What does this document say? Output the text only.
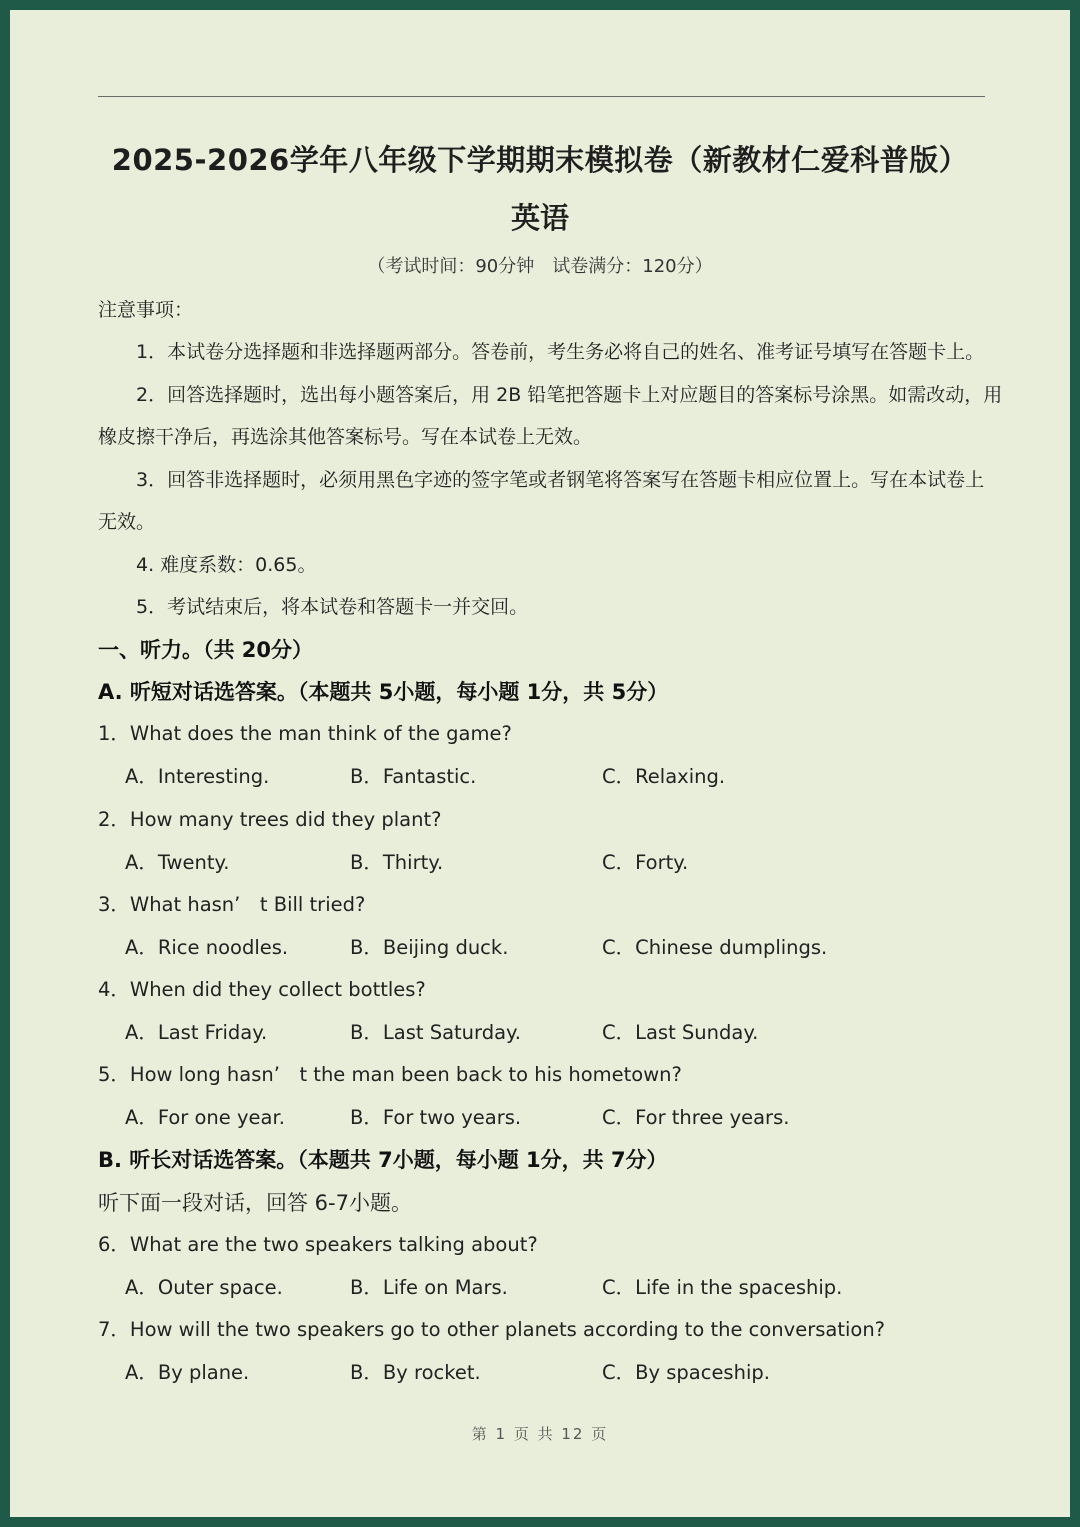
2025-2026学年八年级下学期期末模拟卷（新教材仁爱科普版）
英语
（考试时间：90分钟　试卷满分：120分）
注意事项：
1．本试卷分选择题和非选择题两部分。答卷前，考生务必将自己的姓名、准考证号填写在答题卡上。
2．回答选择题时，选出每小题答案后，用 2B 铅笔把答题卡上对应题目的答案标号涂黑。如需改动，用
橡皮擦干净后，再选涂其他答案标号。写在本试卷上无效。
3．回答非选择题时，必须用黑色字迹的签字笔或者钢笔将答案写在答题卡相应位置上。写在本试卷上
无效。
4. 难度系数：0.65。
5．考试结束后，将本试卷和答题卡一并交回。
一、听力。（共 20分）
A. 听短对话选答案。（本题共 5小题，每小题 1分，共 5分）
1．What does the man think of the game?
A．Interesting.	B．Fantastic.	C．Relaxing.
2．How many trees did they plant?
A．Twenty.	B．Thirty.	C．Forty.
3．What hasn’　t Bill tried?
A．Rice noodles.	B．Beijing duck.	C．Chinese dumplings.
4．When did they collect bottles?
A．Last Friday.	B．Last Saturday.	C．Last Sunday.
5．How long hasn’　t the man been back to his hometown?
A．For one year.	B．For two years.	C．For three years.
B. 听长对话选答案。（本题共 7小题，每小题 1分，共 7分）
听下面一段对话，回答 6-7小题。
6．What are the two speakers talking about?
A．Outer space.	B．Life on Mars.	C．Life in the spaceship.
7．How will the two speakers go to other planets according to the conversation?
A．By plane.	B．By rocket.	C．By spaceship.
第 1 页 共 12 页
